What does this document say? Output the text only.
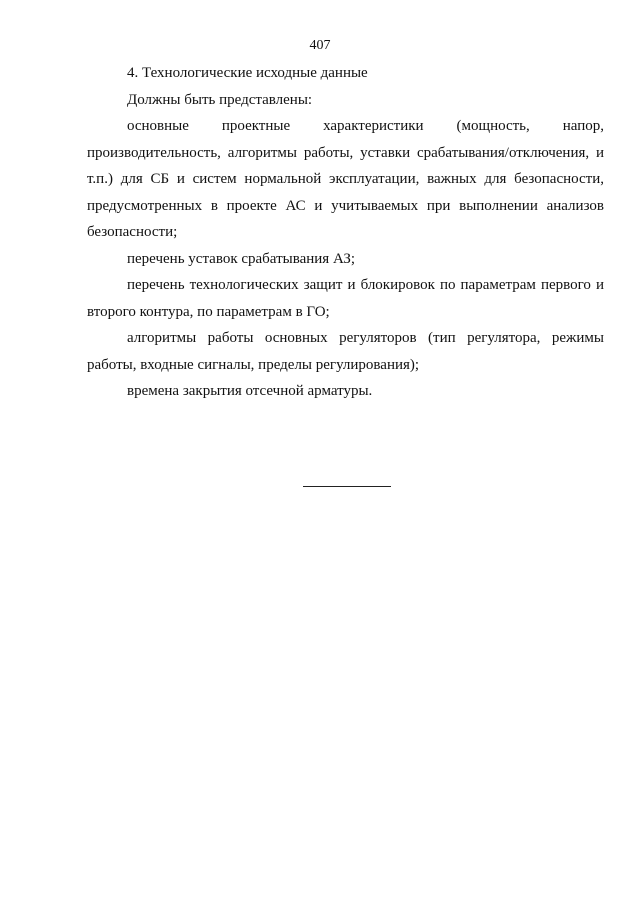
407

4. Технологические исходные данные

Должны быть представлены:

основные проектные характеристики (мощность, напор, производительность, алгоритмы работы, уставки срабатывания/отключения, и т.п.) для СБ и систем нормальной эксплуатации, важных для безопасности, предусмотренных в проекте АС и учитываемых при выполнении анализов безопасности;

перечень уставок срабатывания АЗ;

перечень технологических защит и блокировок по параметрам первого и второго контура, по параметрам в ГО;

алгоритмы работы основных регуляторов (тип регулятора, режимы работы, входные сигналы, пределы регулирования);

времена закрытия отсечной арматуры.
